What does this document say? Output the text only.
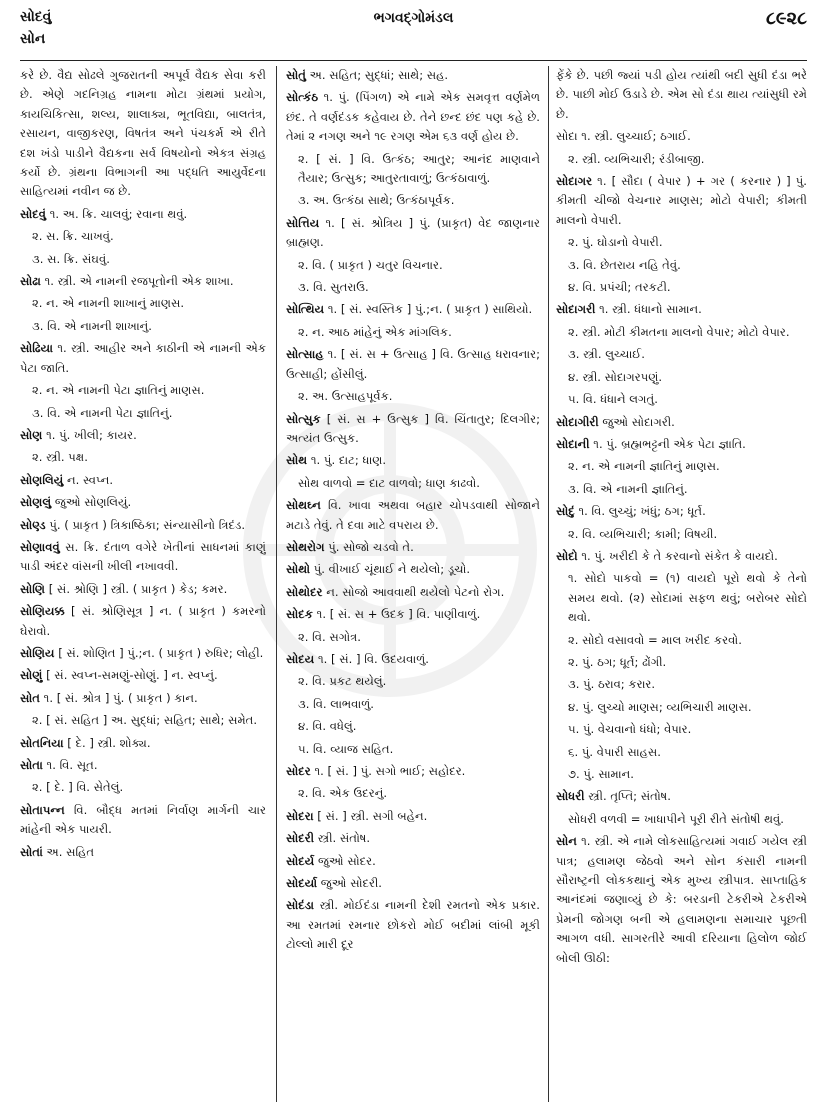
સોદવું
સોન
ભગવદ્ગોમંડલ	૮૯૨૮
કરે છે. વૈદ્ય સોઢલે ગુજરાતની અપૂર્વ વૈદ્યક સેવા કરી છે. એણે ગદનિગ્રહ નામના મોટા ગ્રંથમાં પ્રયોગ, કાયચિકિત્સા, શલ્ય, શાલાક્ય, ભૂતવિદ્યા, બાલતંત્ર, રસાયન, વાજીકરણ, વિષતંત્ર અને પંચકર્મ એ રીતે દશ ખંડો પાડીને વૈદ્યકના સર્વ વિષયોનો એકત્ર સંગ્રહ કર્યો છે. ગ્રંથના વિભાગની આ પદ્ધતિ આયુર્વેદના સાહિત્યમાં નવીન જ છે.
સોદવું ૧. અ. ક્રિ. ચાલવું; રવાના થવું.
૨. સ. ક્રિ. ચાખવું.
૩. સ. ક્રિ. સંઘવું.
સોઢા ૧. સ્ત્રી. એ નામની રજપૂતોની એક શાખા.
૨. ન. એ નામની શાખાનું માણસ.
૩. વિ. એ નામની શાખાનું.
સોઢિયા ૧. સ્ત્રી. આહીર અને કાઠીની એ નામની એક પેટા જાતિ.
૨. ન. એ નામની પેટા જ્ઞાતિનું માણસ.
૩. વિ. એ નામની પેટા જ્ઞાતિનું.
સોણ ૧. પું. ખીલી; કાયર.
૨. સ્ત્રી. પક્ષ.
સોણલિયું ન. સ્વપ્ન.
સોણલું જુઓ સોણલિયું.
સોણ્ડ પું. ( પ્રાકૃત ) ત્રિકાષ્ઠિકા; સંન્યાસીનો ત્રિદંડ.
સોણાવવું સ. ક્રિ. દંતાળ વગેરે ખેતીનાં સાધનમાં કાણું પાડી અંદર વાંસની ખીલી નખાવવી.
સોણિ [ સં. શ્રોણિ ] સ્ત્રી. ( પ્રાકૃત ) કેડ; કમર.
સોણિયક્ક [ સં. શ્રોણિસૂત્ર ] ન. ( પ્રાકૃત ) કમરનો ઘેરાવો.
સોણિય [ સં. શોણિત ] પું.;ન. ( પ્રાકૃત ) રુધિર; લોહી.
સોણું [ સં. સ્વપ્ન-સમણું-સોણું. ] ન. સ્વપ્નું.
સોત ૧. [ સં. શ્રોત્ર ] પું. ( પ્રાકૃત ) કાન.
૨. [ સં. સહિત ] અ. સુદ્ધાં; સહિત; સાથે; સમેત.
સોતનિયા [ દે. ] સ્ત્રી. શોક્ય.
સોતા ૧. વિ. સૂત.
૨. [ દે. ] વિ. સેતેલું.
સોતાપન્ન વિ. બૌદ્ધ મતમાં નિર્વાણ માર્ગની ચાર માંહેની એક પાયરી.
સોતાં અ. સહિત
સોતું અ. સહિત; સુદ્ધાં; સાથે; સહ.
સોત્કંઠ ૧. પું. (પિંગળ) એ નામે એક સમવૃત્ત વર્ણમેળ છંદ. તે વર્ણદંડક કહેવાય છે. તેને છન્દ છંદ પણ કહે છે. તેમાં ૨ નગણ અને ૧૯ રગણ એમ ૬૩ વર્ણ હોય છે.
૨. [ સં. ] વિ. ઉત્કંઠ; આતુર; આનંદ માણવાને તૈયાર; ઉત્સુક; આતુરતાવાળું; ઉત્કંઠાવાળું.
૩. અ. ઉત્કંઠા સાથે; ઉત્કંઠાપૂર્વક.
સોત્તિય ૧. [ સં. શ્રોત્રિય ] પું. (પ્રાકૃત) વેદ જાણનાર બ્રાહ્મણ.
૨. વિ. ( પ્રાકૃત ) ચતુર વિચનાર.
૩. વિ. સુતરાઉ.
સોત્થિય ૧. [ સં. સ્વસ્તિક ] પું.;ન. ( પ્રાકૃત ) સાથિયો.
૨. ન. આઠ માંહેનું એક માંગલિક.
સોત્સાહ ૧. [ સં. સ + ઉત્સાહ ] વિ. ઉત્સાહ ધરાવનાર; ઉત્સાહી; હોંસીલું.
૨. અ. ઉત્સાહપૂર્વક.
સોત્સુક [ સં. સ + ઉત્સુક ] વિ. ચિંતાતુર; દિલગીર; અત્યંત ઉત્સુક.
સોથ ૧. પું. દાટ; ધાણ.
સોથ વાળવો = દાટ વાળવો; ધાણ કાઢવો.
સોથઘ્ન વિ. ખાવા અથવા બહાર ચોપડવાથી સોજાને મટાડે તેવું. તે દવા માટે વપરાય છે.
સોથરોગ પું. સોજો ચડવો તે.
સોથો પું. વીખાઈ ચૂંથાઈ ને થયેલો; ડૂચો.
સોથોદર ન. સોજો આવવાથી થયેલો પેટનો રોગ.
સોદક ૧. [ સં. સ + ઉદક ] વિ. પાણીવાળું.
૨. વિ. સગોત્ર.
સોદય ૧. [ સં. ] વિ. ઉદયવાળું.
૨. વિ. પ્રકટ થયેલું.
૩. વિ. લાભવાળું.
૪. વિ. વધેલું.
૫. વિ. વ્યાજ સહિત.
સોદર ૧. [ સં. ] પું. સગો ભાઈ; સહોદર.
૨. વિ. એક ઉદરનું.
સોદરા [ સં. ] સ્ત્રી. સગી બહેન.
સોદરી સ્ત્રી. સંતોષ.
સોદર્ય જુઓ સોદર.
સોદર્યા જુઓ સોદરી.
સોદંડા સ્ત્રી. મોઈદંડા નામની દેશી રમતનો એક પ્રકાર. આ રમતમાં રમનાર છોકરો મોઈ બદીમાં લાંબી મૂકી ટોલ્લો મારી દૂર
ફેંકે છે. પછી જ્યાં પડી હોય ત્યાંથી બદી સુધી દંડા ભરે છે. પાછી મોઈ ઉડાડે છે. એમ સો દંડા થાય ત્યાંસુધી રમે છે.
સોદા ૧. સ્ત્રી. લુચ્ચાઈ; ઠગાઈ.
૨. સ્ત્રી. વ્યભિચારી; રંડીબાજી.
સોદાગર ૧. [ સૌદા ( વેપાર ) + ગર ( કરનાર ) ] પું. કીમતી ચીજો વેચનાર માણસ; મોટો વેપારી; કીમતી માલનો વેપારી.
૨. પું. ઘોડાનો વેપારી.
૩. વિ. છેતરાય નહિ તેવું.
૪. વિ. પ્રપંચી; તરકટી.
સોદાગરી ૧. સ્ત્રી. ધંધાનો સામાન.
૨. સ્ત્રી. મોટી કીમતના માલનો વેપાર; મોટો વેપાર.
૩. સ્ત્રી. લુચ્ચાઈ.
૪. સ્ત્રી. સોદાગરપણું.
૫. વિ. ધંધાને લગતું.
સોદાગીરી જુઓ સોદાગરી.
સોદાની ૧. પું. બ્રહ્મભટ્ટની એક પેટા જ્ઞાતિ.
૨. ન. એ નામની જ્ઞાતિનું માણસ.
૩. વિ. એ નામની જ્ઞાતિનું.
સોદું ૧. વિ. લુચ્ચું; ખંધું; ઠગ; ધૂર્ત.
૨. વિ. વ્યભિચારી; કામી; વિષયી.
સોદો ૧. પું. ખરીદી કે તે કરવાનો સંકેત કે વાયદો.
૧. સોદો પાકવો = (૧) વાયદો પૂરો થવો કે તેનો સમય થવો. (૨) સોદામાં સફળ થવું; બરોબર સોદો થવો.
૨. સોદો વસાવવો = માલ ખરીદ કરવો.
૨. પું. ઠગ; ધૂર્ત; ઢોંગી.
૩. પું. ઠરાવ; કરાર.
૪. પું. લુચ્ચો માણસ; વ્યભિચારી માણસ.
૫. પું. વેચવાનો ધંધો; વેપાર.
૬. પું. વેપારી સાહસ.
૭. પું. સામાન.
સોધરી સ્ત્રી. તૃપ્તિ; સંતોષ.
સોધરી વળવી = ખાધાપીને પૂરી રીતે સંતોષી થવું.
સોન ૧. સ્ત્રી. એ નામે લોકસાહિત્યમાં ગવાઈ ગયેલ સ્ત્રી પાત્ર; હલામણ જેઠવો અને સોન કંસારી નામની સૌરાષ્ટ્રની લોકકથાનું એક મુખ્ય સ્ત્રીપાત્ર. સાપ્તાહિક આનંદમાં જણાવ્યું છે કે: બરડાની ટેકરીએ ટેકરીએ પ્રેમની જોગણ બની એ હલામણના સમાચાર પૂછતી આગળ વધી. સાગરતીરે આવી દરિયાના હિલોળ જોઈ બોલી ઊઠી:
